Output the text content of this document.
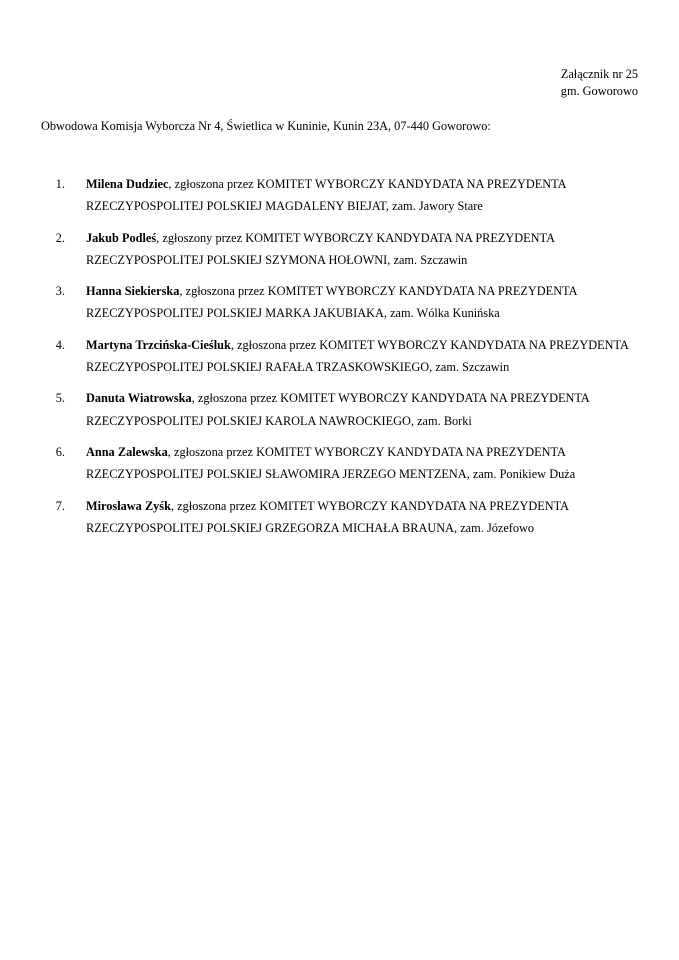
Załącznik nr 25
gm. Goworowo
Obwodowa Komisja Wyborcza Nr 4, Świetlica w Kuninie, Kunin 23A, 07-440 Goworowo:
1.	Milena Dudziec, zgłoszona przez KOMITET WYBORCZY KANDYDATA NA PREZYDENTA RZECZYPOSPOLITEJ POLSKIEJ MAGDALENY BIEJAT, zam. Jawory Stare
2.	Jakub Podleś, zgłoszony przez KOMITET WYBORCZY KANDYDATA NA PREZYDENTA RZECZYPOSPOLITEJ POLSKIEJ SZYMONA HOŁOWNI, zam. Szczawin
3.	Hanna Siekierska, zgłoszona przez KOMITET WYBORCZY KANDYDATA NA PREZYDENTA RZECZYPOSPOLITEJ POLSKIEJ MARKA JAKUBIAKA, zam. Wólka Kunińska
4.	Martyna Trzcińska-Cieśluk, zgłoszona przez KOMITET WYBORCZY KANDYDATA NA PREZYDENTA RZECZYPOSPOLITEJ POLSKIEJ RAFAŁA TRZASKOWSKIEGO, zam. Szczawin
5.	Danuta Wiatrowska, zgłoszona przez KOMITET WYBORCZY KANDYDATA NA PREZYDENTA RZECZYPOSPOLITEJ POLSKIEJ KAROLA NAWROCKIEGO, zam. Borki
6.	Anna Zalewska, zgłoszona przez KOMITET WYBORCZY KANDYDATA NA PREZYDENTA RZECZYPOSPOLITEJ POLSKIEJ SŁAWOMIRA JERZEGO MENTZENA, zam. Ponikiew Duża
7.	Mirosława Zyśk, zgłoszona przez KOMITET WYBORCZY KANDYDATA NA PREZYDENTA RZECZYPOSPOLITEJ POLSKIEJ GRZEGORZA MICHAŁA BRAUNA, zam. Józefowo
